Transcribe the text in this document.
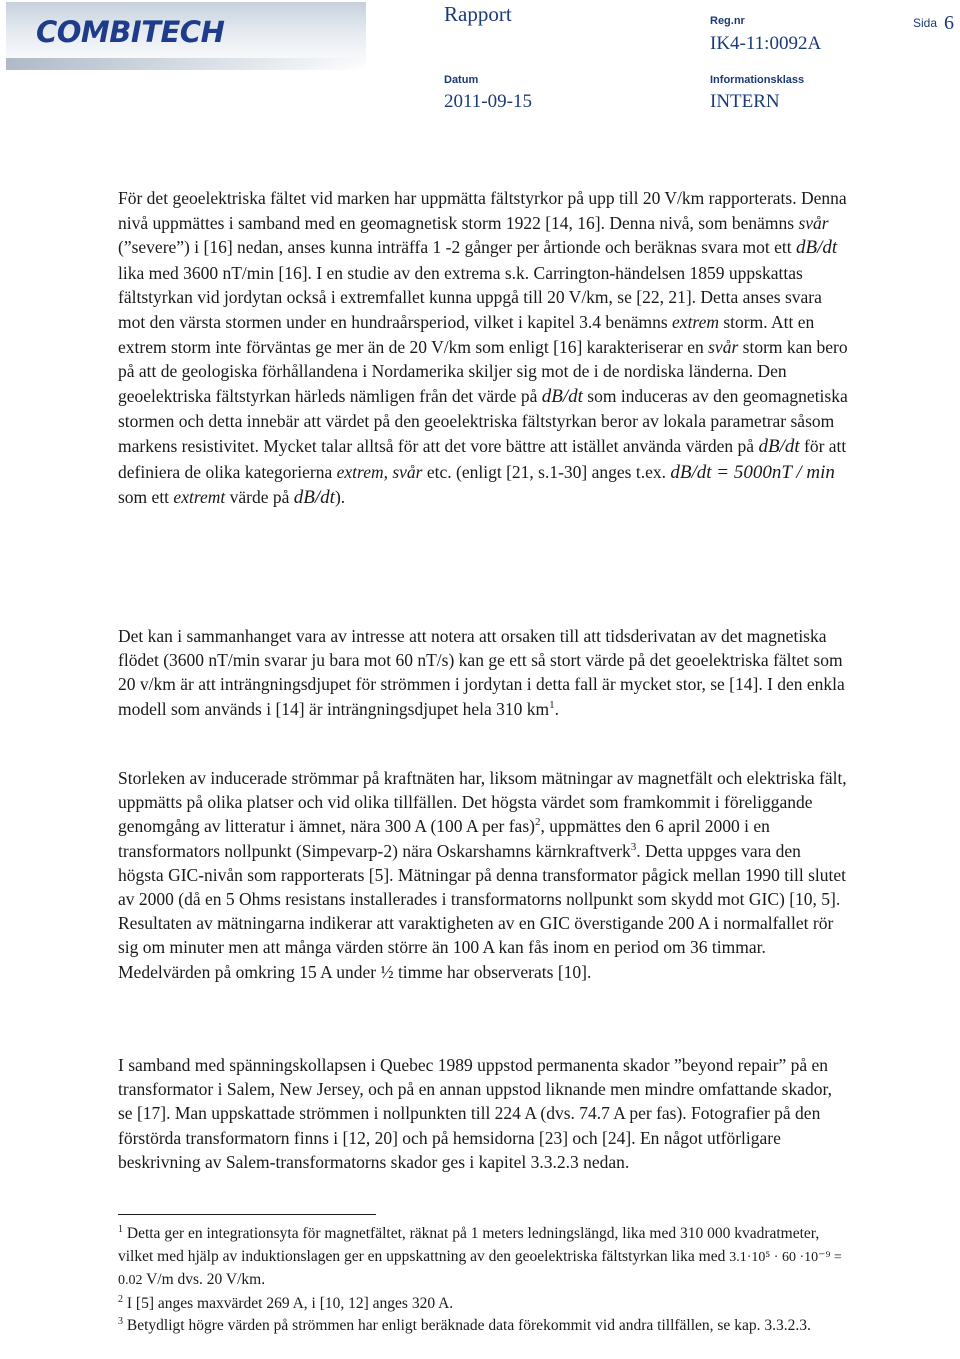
COMBITECH
Rapport	Reg.nr
IK4-11:0092A
Sida 6
Datum
2011-09-15
Informationsklass
INTERN

För det geoelektriska fältet vid marken har uppmätta fältstyrkor på upp till 20 V/km rapporterats. Denna nivå uppmättes i samband med en geomagnetisk storm 1922 [14, 16]. Denna nivå, som benämns svår (”severe”) i [16] nedan, anses kunna inträffa 1 -2 gånger per årtionde och beräknas svara mot ett dB/dt lika med 3600 nT/min [16]. I en studie av den extrema s.k. Carrington-händelsen 1859 uppskattas fältstyrkan vid jordytan också i extremfallet kunna uppgå till 20 V/km, se [22, 21]. Detta anses svara mot den värsta stormen under en hundraårsperiod, vilket i kapitel 3.4 benämns extrem storm. Att en extrem storm inte förväntas ge mer än de 20 V/km som enligt [16] karakteriserar en svår storm kan bero på att de geologiska förhållandena i Nordamerika skiljer sig mot de i de nordiska länderna. Den geoelektriska fältstyrkan härleds nämligen från det värde på dB/dt som induceras av den geomagnetiska stormen och detta innebär att värdet på den geoelektriska fältstyrkan beror av lokala parametrar såsom markens resistivitet. Mycket talar alltså för att det vore bättre att istället använda värden på dB/dt för att definiera de olika kategorierna extrem, svår etc. (enligt [21, s.1-30] anges t.ex. dB/dt = 5000nT / min som ett extremt värde på dB/dt).

Det kan i sammanhanget vara av intresse att notera att orsaken till att tidsderivatan av det magnetiska flödet (3600 nT/min svarar ju bara mot 60 nT/s) kan ge ett så stort värde på det geoelektriska fältet som 20 v/km är att inträngningsdjupet för strömmen i jordytan i detta fall är mycket stor, se [14]. I den enkla modell som används i [14] är inträngningsdjupet hela 310 $km^1$.

Storleken av inducerade strömmar på kraftnäten har, liksom mätningar av magnetfält och elektriska fält, uppmätts på olika platser och vid olika tillfällen. Det högsta värdet som framkommit i föreliggande genomgång av litteratur i ämnet, nära 300 A (100 A per fas)$^2$, uppmättes den 6 april 2000 i en transformators nollpunkt (Simpevarp-2) nära Oskarshamns kärnkraftverk$^3$. Detta uppges vara den högsta GIC-nivån som rapporterats [5]. Mätningar på denna transformator pågick mellan 1990 till slutet av 2000 (då en 5 Ohms resistans installerades i transformatorns nollpunkt som skydd mot GIC) [10, 5]. Resultaten av mätningarna indikerar att varaktigheten av en GIC överstigande 200 A i normalfallet rör sig om minuter men att många värden större än 100 A kan fås inom en period om 36 timmar. Medelvärden på omkring 15 A under ½ timme har observerats [10].

I samband med spänningskollapsen i Quebec 1989 uppstod permanenta skador ”beyond repair” på en transformator i Salem, New Jersey, och på en annan uppstod liknande men mindre omfattande skador, se [17]. Man uppskattade strömmen i nollpunkten till 224 A (dvs. 74.7 A per fas). Fotografier på den förstörda transformatorn finns i [12, 20] och på hemsidorna [23] och [24]. En något utförligare beskrivning av Salem-transformatorns skador ges i kapitel 3.3.2.3 nedan.

$^1$ Detta ger en integrationsyta för magnetfältet, räknat på 1 meters ledningslängd, lika med 310 000 kvadratmeter, vilket med hjälp av induktionslagen ger en uppskattning av den geoelektriska fältstyrkan lika med 3.1·10⁵ · 60 ·10⁻⁹ = 0.02 V/m dvs. 20 V/km.

$^2$ I [5] anges maxvärdet 269 A, i [10, 12] anges 320 A.

$^3$ Betydligt högre värden på strömmen har enligt beräknade data förekommit vid andra tillfällen, se kap. 3.3.2.3.
